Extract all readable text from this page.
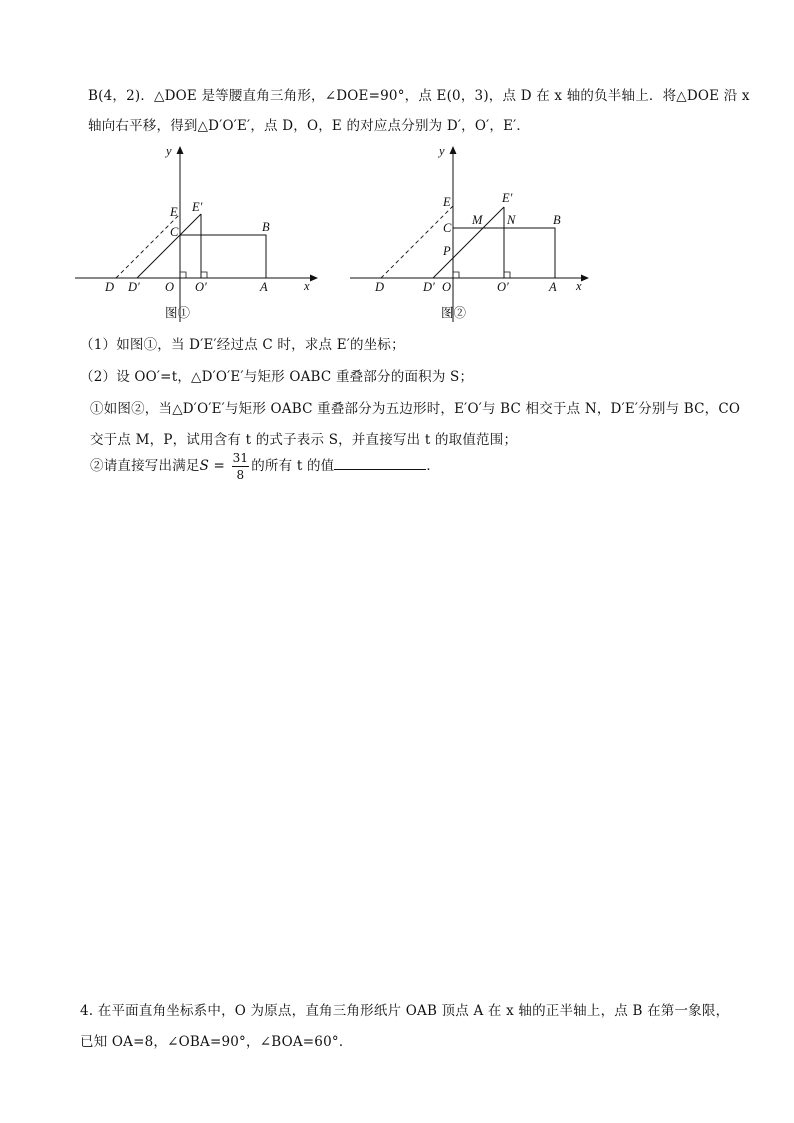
B(4，2)．△DOE 是等腰直角三角形，∠DOE=90°，点 E(0，3)，点 D 在 x 轴的负半轴上．将△DOE 沿 x
轴向右平移，得到△D′O′E′，点 D，O，E 的对应点分别为 D′，O′，E′．
y
x
E E′
C	B
D D′ O O′	A
图①
y
x
E	E′
M N	B
C
P
D	D′ O	O′	A
图②
（1）如图①，当 D′E′经过点 C 时，求点 E′的坐标；
（2）设 OO′=t，△D′O′E′与矩形 OABC 重叠部分的面积为 S；
①如图②，当△D′O′E′与矩形 OABC 重叠部分为五边形时，E′O′与 BC 相交于点 N，D′E′分别与 BC，CO
交于点 M，P，试用含有 t 的式子表示 S，并直接写出 t 的取值范围；
②请直接写出满足$S = \frac{31}{8}$ 的所有 t 的值	．
4. 在平面直角坐标系中，O 为原点，直角三角形纸片 OAB 顶点 A 在 x 轴的正半轴上，点 B 在第一象限，
已知 OA=8，∠OBA=90°，∠BOA=60°．
